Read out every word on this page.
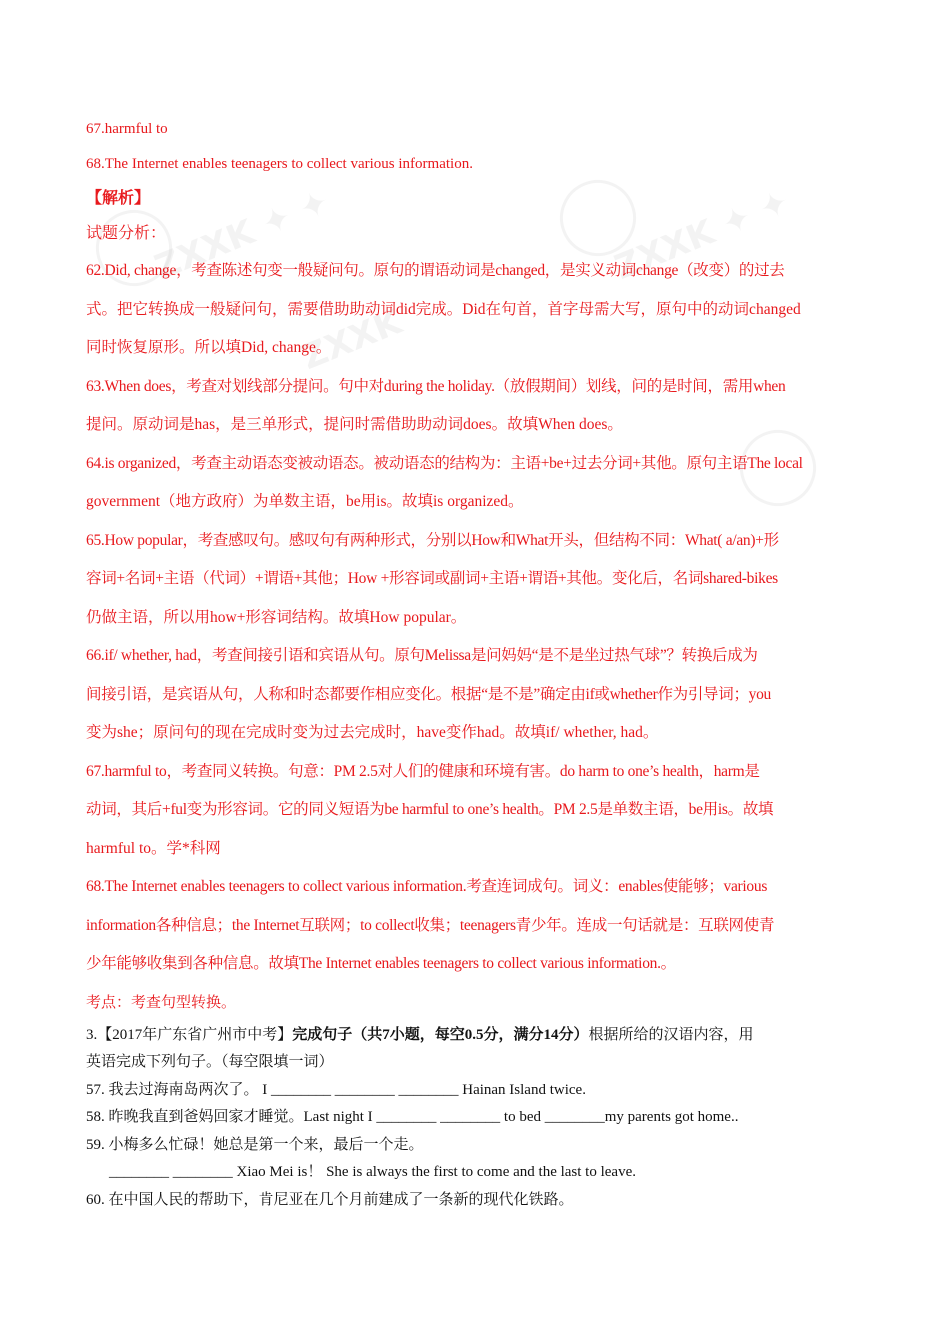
ZXXK ✦ ✦	ZXXK ✦ ✦
ZXXK

67.harmful to

68.The Internet enables teenagers to collect various information.

【解析】

试题分析：

62.Did, change，考查陈述句变一般疑问句。原句的谓语动词是changed，是实义动词change（改变）的过去

式。把它转换成一般疑问句，需要借助助动词did完成。Did在句首，首字母需大写，原句中的动词changed

同时恢复原形。所以填Did, change。

63.When does，考查对划线部分提问。句中对during the holiday.（放假期间）划线，问的是时间，需用when

提问。原动词是has，是三单形式，提问时需借助助动词does。故填When does。

64.is organized，考查主动语态变被动语态。被动语态的结构为：主语+be+过去分词+其他。原句主语The local

government（地方政府）为单数主语，be用is。故填is organized。

65.How popular，考查感叹句。感叹句有两种形式，分别以How和What开头，但结构不同：What( a/an)+形

容词+名词+主语（代词）+谓语+其他；How +形容词或副词+主语+谓语+其他。变化后，名词shared-bikes

仍做主语，所以用how+形容词结构。故填How popular。

66.if/ whether, had，考查间接引语和宾语从句。原句Melissa是问妈妈“是不是坐过热气球”？转换后成为

间接引语，是宾语从句，人称和时态都要作相应变化。根据“是不是”确定由if或whether作为引导词；you

变为she；原问句的现在完成时变为过去完成时，have变作had。故填if/ whether, had。

67.harmful to，考查同义转换。句意：PM 2.5对人们的健康和环境有害。do harm to one’s health，harm是

动词，其后+ful变为形容词。它的同义短语为be harmful to one’s health。PM 2.5是单数主语，be用is。故填

harmful to。学*科网

68.The Internet enables teenagers to collect various information.考查连词成句。词义：enables使能够；various

information各种信息；the Internet互联网；to collect收集；teenagers青少年。连成一句话就是：互联网使青

少年能够收集到各种信息。故填The Internet enables teenagers to collect various information.。

考点：考查句型转换。

3.【2017年广东省广州市中考】完成句子（共7小题，每空0.5分，满分14分）根据所给的汉语内容，用

英语完成下列句子。（每空限填一词）

57. 我去过海南岛两次了。 I ________ ________ ________ Hainan Island twice.

58. 昨晚我直到爸妈回家才睡觉。Last night I ________ ________ to bed ________my parents got home..

59. 小梅多么忙碌！她总是第一个来，最后一个走。

________ ________ Xiao Mei is！ She is always the first to come and the last to leave.

60. 在中国人民的帮助下，肯尼亚在几个月前建成了一条新的现代化铁路。
